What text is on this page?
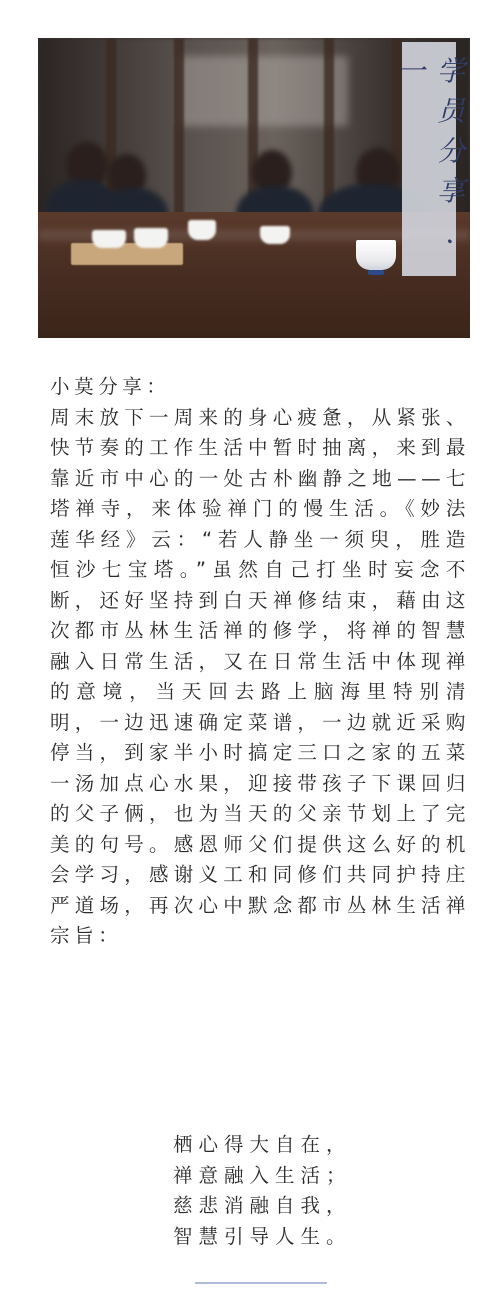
学员分享 · 一

小莫分享：

周末放下一周来的身心疲惫，从紧张、快节奏的工作生活中暂时抽离，来到最靠近市中心的一处古朴幽静之地——七塔禅寺，来体验禅门的慢生活。《妙法莲华经》云：“若人静坐一须臾，胜造恒沙七宝塔。”虽然自己打坐时妄念不断，还好坚持到白天禅修结束，藉由这次都市丛林生活禅的修学，将禅的智慧融入日常生活，又在日常生活中体现禅的意境，当天回去路上脑海里特别清明，一边迅速确定菜谱，一边就近采购停当，到家半小时搞定三口之家的五菜一汤加点心水果，迎接带孩子下课回归的父子俩，也为当天的父亲节划上了完美的句号。感恩师父们提供这么好的机会学习，感谢义工和同修们共同护持庄严道场，再次心中默念都市丛林生活禅宗旨：

栖心得大自在，
禅意融入生活；
慈悲消融自我，
智慧引导人生。
